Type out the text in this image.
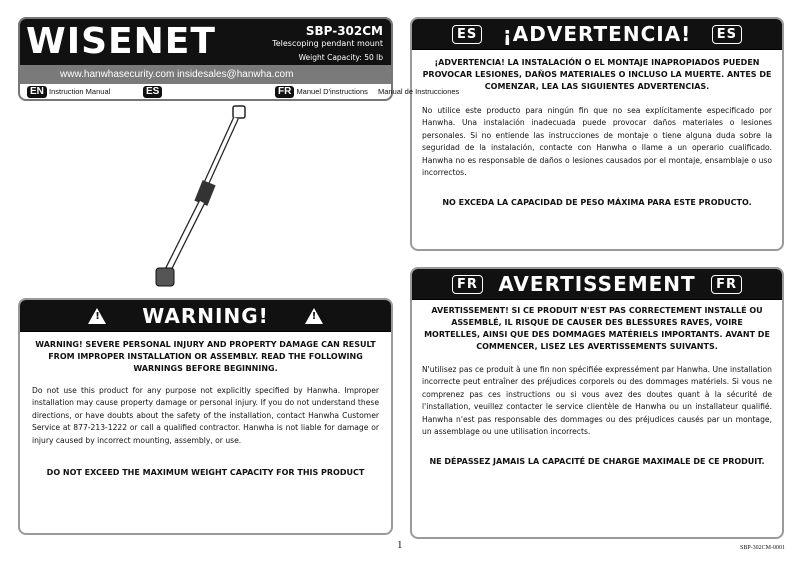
WISENET	SBP-302CM
Telescoping pendant mount
Weight Capacity: 50 lb
www.hanwhasecurity.com insidesales@hanwha.com
EN Instruction Manual	ES	FR Manuel D'instructions
! WARNING!	!
WARNING! SEVERE PERSONAL INJURY AND PROPERTY DAMAGE CAN RESULT FROM IMPROPER INSTALLATION OR ASSEMBLY. READ THE FOLLOWING WARNINGS BEFORE BEGINNING.
Do not use this product for any purpose not explicitly specified by Hanwha. Improper installation may cause property damage or personal injury. If you do not understand these directions, or have doubts about the safety of the installation, contact Hanwha Customer Service at 877-213-1222 or call a qualified contractor. Hanwha is not liable for damage or injury caused by incorrect mounting, assembly, or use.
DO NOT EXCEED THE MAXIMUM WEIGHT CAPACITY FOR THIS PRODUCT
ES ¡ADVERTENCIA!	ES
¡ADVERTENCIA! LA INSTALACIÓN O EL MONTAJE INAPROPIADOS PUEDEN PROVOCAR LESIONES, DAÑOS MATERIALES O INCLUSO LA MUERTE. ANTES DE COMENZAR, LEA LAS SIGUIENTES ADVERTENCIAS.
No utilice este producto para ningún fin que no sea explícitamente especificado por Hanwha. Una instalación inadecuada puede provocar daños materiales o lesiones personales. Si no entiende las instrucciones de montaje o tiene alguna duda sobre la seguridad de la instalación, contacte con Hanwha o llame a un operario cualificado. Hanwha no es responsable de daños o lesiones causados por el montaje, ensamblaje o uso incorrectos.
NO EXCEDA LA CAPACIDAD DE PESO MÁXIMA PARA ESTE PRODUCTO.
Manual de Instrucciones
FR AVERTISSEMENT	FR
AVERTISSEMENT! SI CE PRODUIT N'EST PAS CORRECTEMENT INSTALLÉ OU ASSEMBLÉ, IL RISQUE DE CAUSER DES BLESSURES RAVES, VOIRE MORTELLES, AINSI QUE DES DOMMAGES MATÉRIELS IMPORTANTS. AVANT DE COMMENCER, LISEZ LES AVERTISSEMENTS SUIVANTS.
N'utilisez pas ce produit à une fin non spécifiée expressément par Hanwha. Une installation incorrecte peut entraîner des préjudices corporels ou des dommages matériels. Si vous ne comprenez pas ces instructions ou si vous avez des doutes quant à la sécurité de l'installation, veuillez contacter le service clientèle de Hanwha ou un installateur qualifié. Hanwha n'est pas responsable des dommages ou des préjudices causés par un montage, un assemblage ou une utilisation incorrects.
NE DÉPASSEZ JAMAIS LA CAPACITÉ DE CHARGE MAXIMALE DE CE PRODUIT.
1	SBP-302CM-0001
